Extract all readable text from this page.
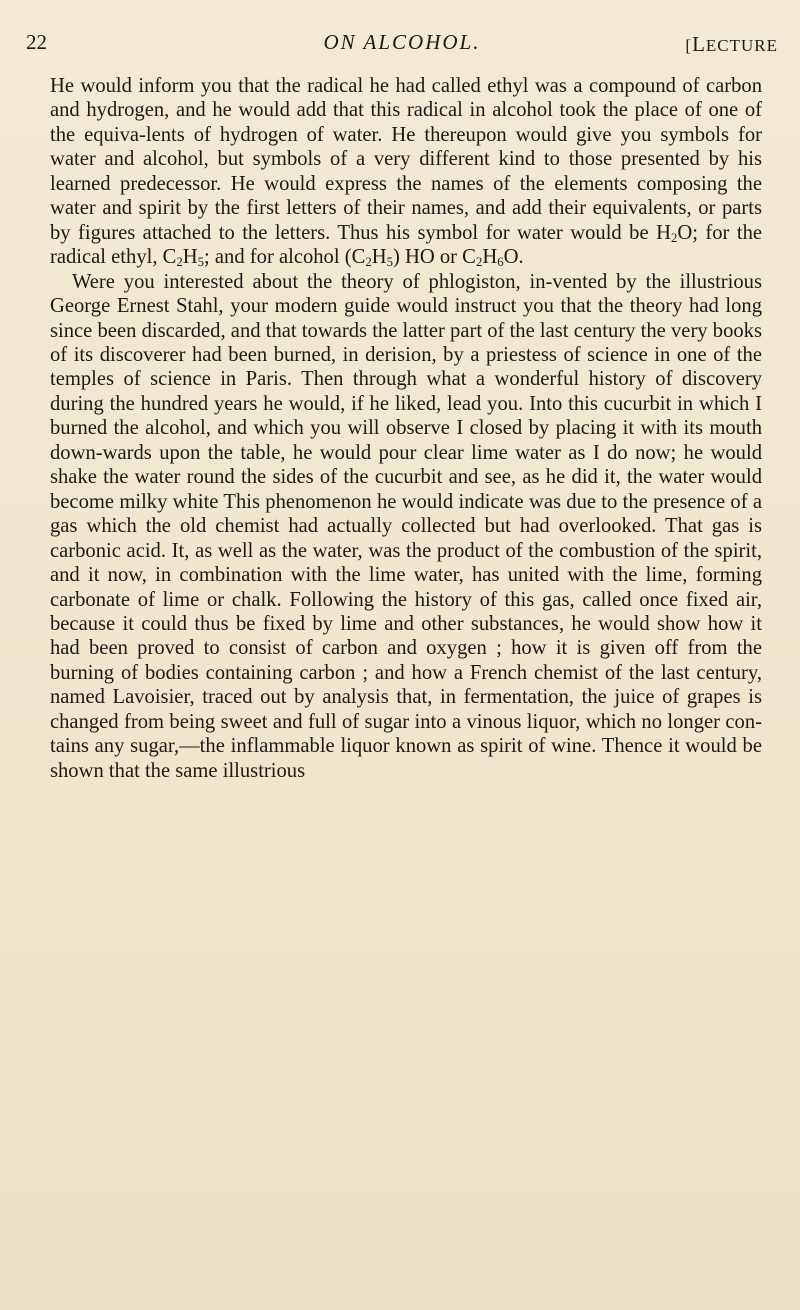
22	ON ALCOHOL.	[LECTURE

He would inform you that the radical he had called ethyl was a compound of carbon and hydrogen, and he would add that this radical in alcohol took the place of one of the equiva-lents of hydrogen of water. He thereupon would give you symbols for water and alcohol, but symbols of a very different kind to those presented by his learned predecessor. He would express the names of the elements composing the water and spirit by the first letters of their names, and add their equivalents, or parts by figures attached to the letters. Thus his symbol for water would be $H_2O$; for the radical ethyl, $C_2H_5$; and for alcohol $(C_2H_5)$ HO or $C_2H_6O$.

Were you interested about the theory of phlogiston, in-vented by the illustrious George Ernest Stahl, your modern guide would instruct you that the theory had long since been discarded, and that towards the latter part of the last century the very books of its discoverer had been burned, in derision, by a priestess of science in one of the temples of science in Paris. Then through what a wonderful history of discovery during the hundred years he would, if he liked, lead you. Into this cucurbit in which I burned the alcohol, and which you will observe I closed by placing it with its mouth down-wards upon the table, he would pour clear lime water as I do now; he would shake the water round the sides of the cucurbit and see, as he did it, the water would become milky white This phenomenon he would indicate was due to the presence of a gas which the old chemist had actually collected but had overlooked. That gas is carbonic acid. It, as well as the water, was the product of the combustion of the spirit, and it now, in combination with the lime water, has united with the lime, forming carbonate of lime or chalk. Following the history of this gas, called once fixed air, because it could thus be fixed by lime and other substances, he would show how it had been proved to consist of carbon and oxygen ; how it is given off from the burning of bodies containing carbon ; and how a French chemist of the last century, named Lavoisier, traced out by analysis that, in fermentation, the juice of grapes is changed from being sweet and full of sugar into a vinous liquor, which no longer con-tains any sugar,—the inflammable liquor known as spirit of wine. Thence it would be shown that the same illustrious
